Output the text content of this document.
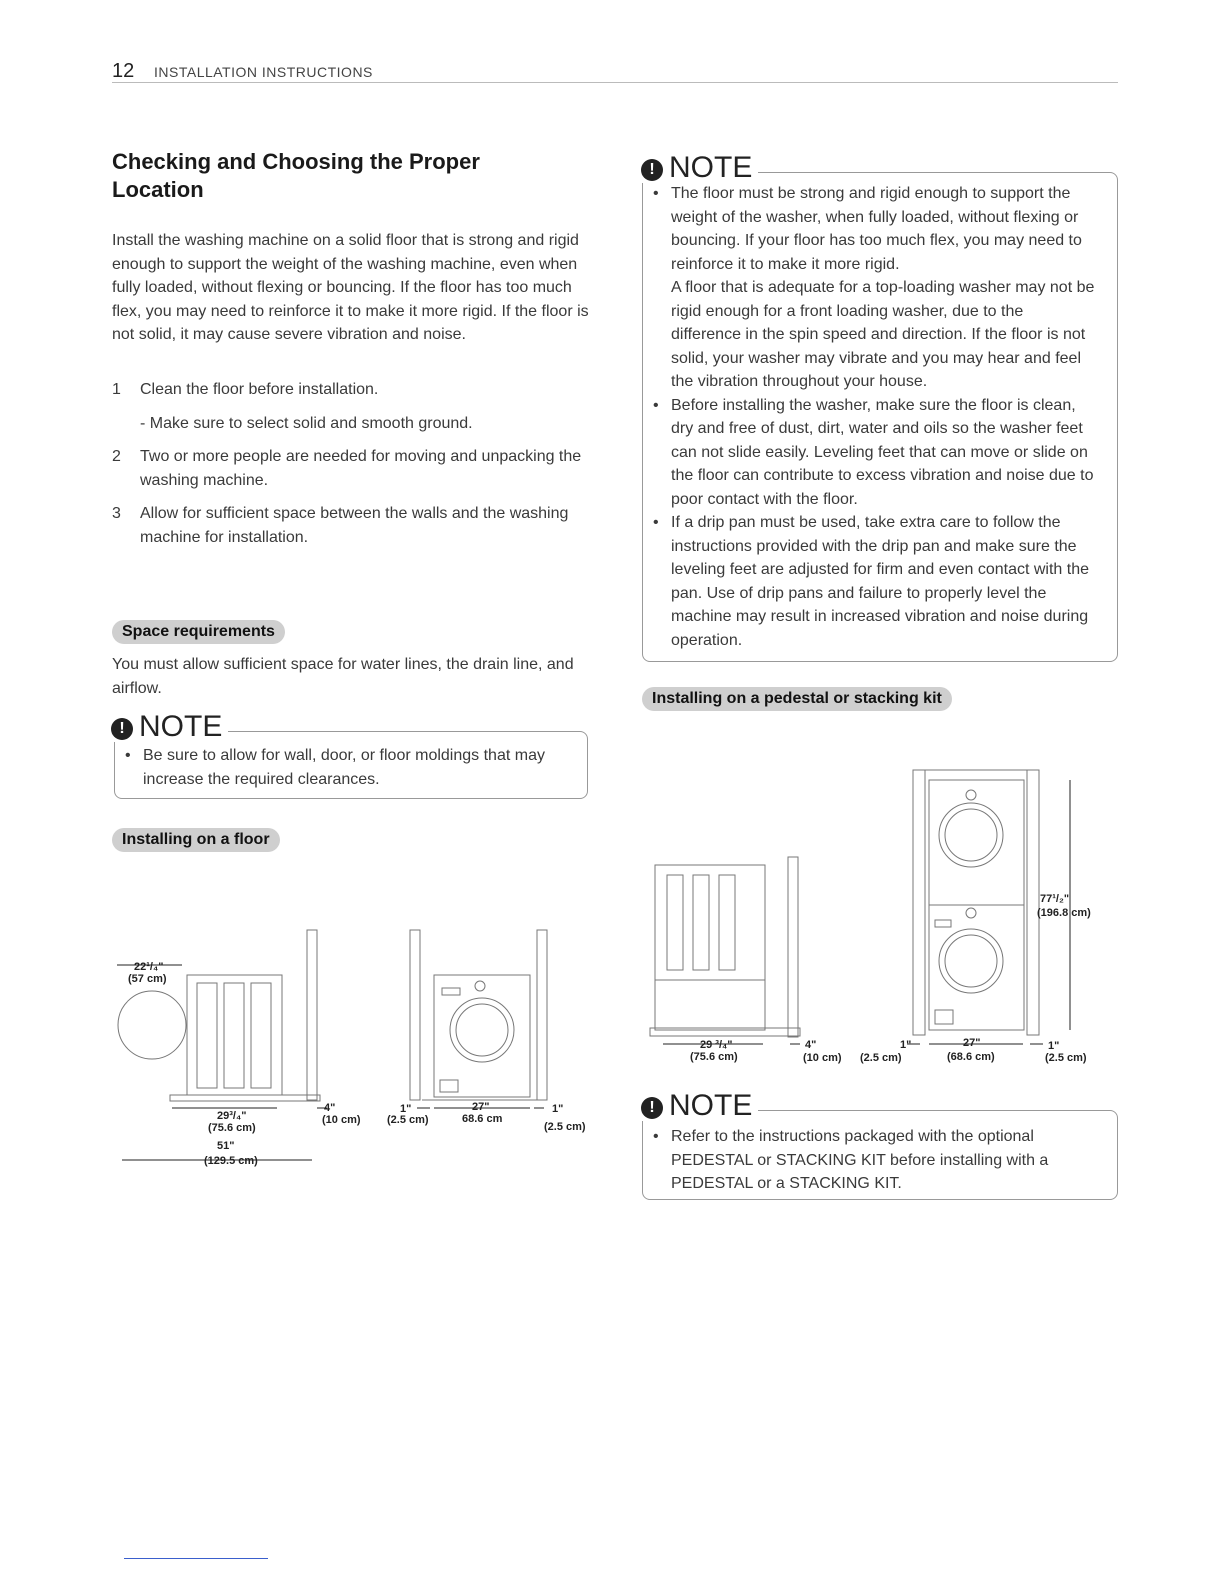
12 INSTALLATION INSTRUCTIONS
Checking and Choosing the Proper Location
Install the washing machine on a solid floor that is strong and rigid enough to support the weight of the washing machine, even when fully loaded, without flexing or bouncing. If the floor has too much flex, you may need to reinforce it to make it more rigid. If the floor is not solid, it may cause severe vibration and noise.
1	Clean the floor before installation.
- Make sure to select solid and smooth ground.
2	Two or more people are needed for moving and unpacking the washing machine.
3	Allow for sufficient space between the walls and the washing machine for installation.
Space requirements
You must allow sufficient space for water lines, the drain line, and airflow.
! NOTE
• Be sure to allow for wall, door, or floor moldings that may increase the required clearances.
Installing on a floor
22¹/₄"
(57 cm)
29³/₄"
(75.6 cm)
4"
(10 cm)
1"
(2.5 cm)
27"
68.6 cm
1"
(2.5 cm)
51"
(129.5 cm)
! NOTE
• The floor must be strong and rigid enough to support the weight of the washer, when fully loaded, without flexing or bouncing. If your floor has too much flex, you may need to reinforce it to make it more rigid.
A floor that is adequate for a top-loading washer may not be rigid enough for a front loading washer, due to the difference in the spin speed and direction. If the floor is not solid, your washer may vibrate and you may hear and feel the vibration throughout your house.
• Before installing the washer, make sure the floor is clean, dry and free of dust, dirt, water and oils so the washer feet can not slide easily. Leveling feet that can move or slide on the floor can contribute to excess vibration and noise due to poor contact with the floor.
• If a drip pan must be used, take extra care to follow the instructions provided with the drip pan and make sure the leveling feet are adjusted for firm and even contact with the pan. Use of drip pans and failure to properly level the machine may result in increased vibration and noise during operation.
Installing on a pedestal or stacking kit
77¹/₂"
(196.8 cm)
29 ³/₄"
(75.6 cm)
4"
(10 cm)
1"
(2.5 cm)
27"
(68.6 cm)
1"
(2.5 cm)
! NOTE
• Refer to the instructions packaged with the optional PEDESTAL or STACKING KIT before installing with a PEDESTAL or a STACKING KIT.
